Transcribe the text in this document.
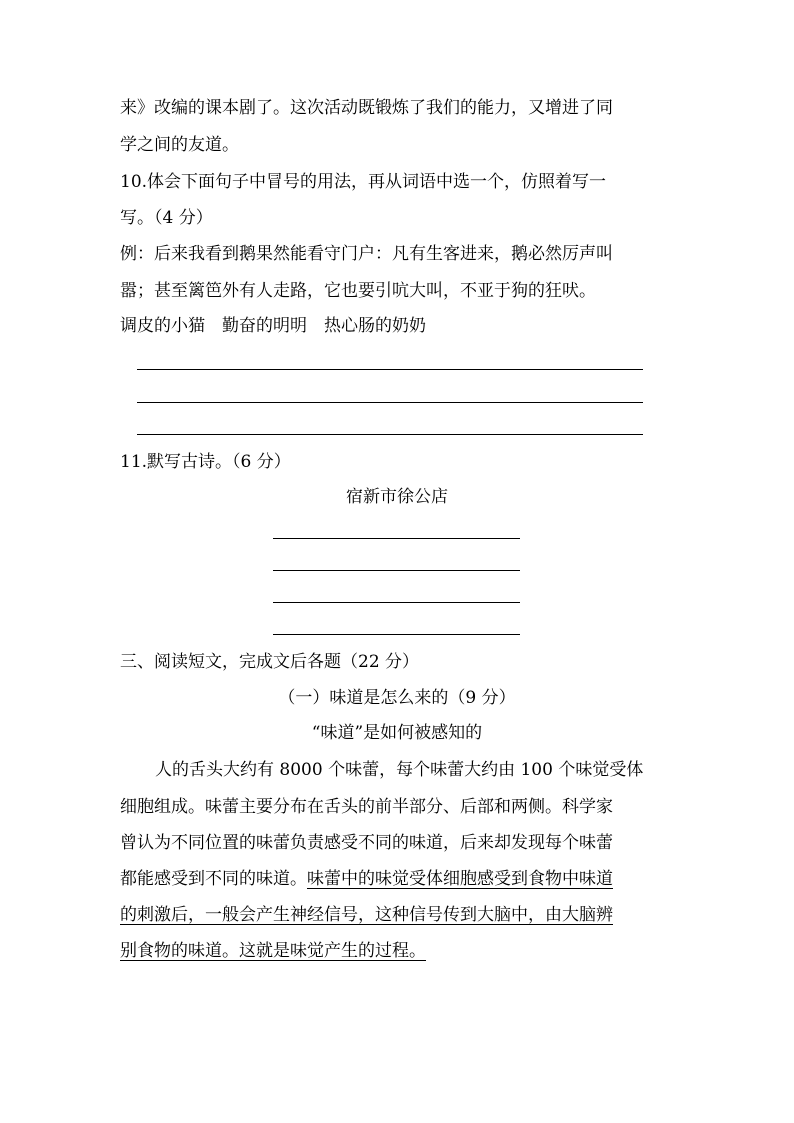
来》改编的课本剧了。这次活动既锻炼了我们的能力，又增进了同
学之间的友道。
10.体会下面句子中冒号的用法，再从词语中选一个，仿照着写一
写。（4 分）
例：后来我看到鹅果然能看守门户：凡有生客进来，鹅必然厉声叫
嚣；甚至篱笆外有人走路，它也要引吭大叫，不亚于狗的狂吠。
调皮的小猫　勤奋的明明　热心肠的奶奶
11.默写古诗。（6 分）
宿新市徐公店
三、阅读短文，完成文后各题（22 分）
（一）味道是怎么来的（9 分）
“味道”是如何被感知的
人的舌头大约有 8000 个味蕾，每个味蕾大约由 100 个味觉受体
细胞组成。味蕾主要分布在舌头的前半部分、后部和两侧。科学家
曾认为不同位置的味蕾负责感受不同的味道，后来却发现每个味蕾
都能感受到不同的味道。味蕾中的味觉受体细胞感受到食物中味道
的刺激后，一般会产生神经信号，这种信号传到大脑中，由大脑辨
别食物的味道。这就是味觉产生的过程。
